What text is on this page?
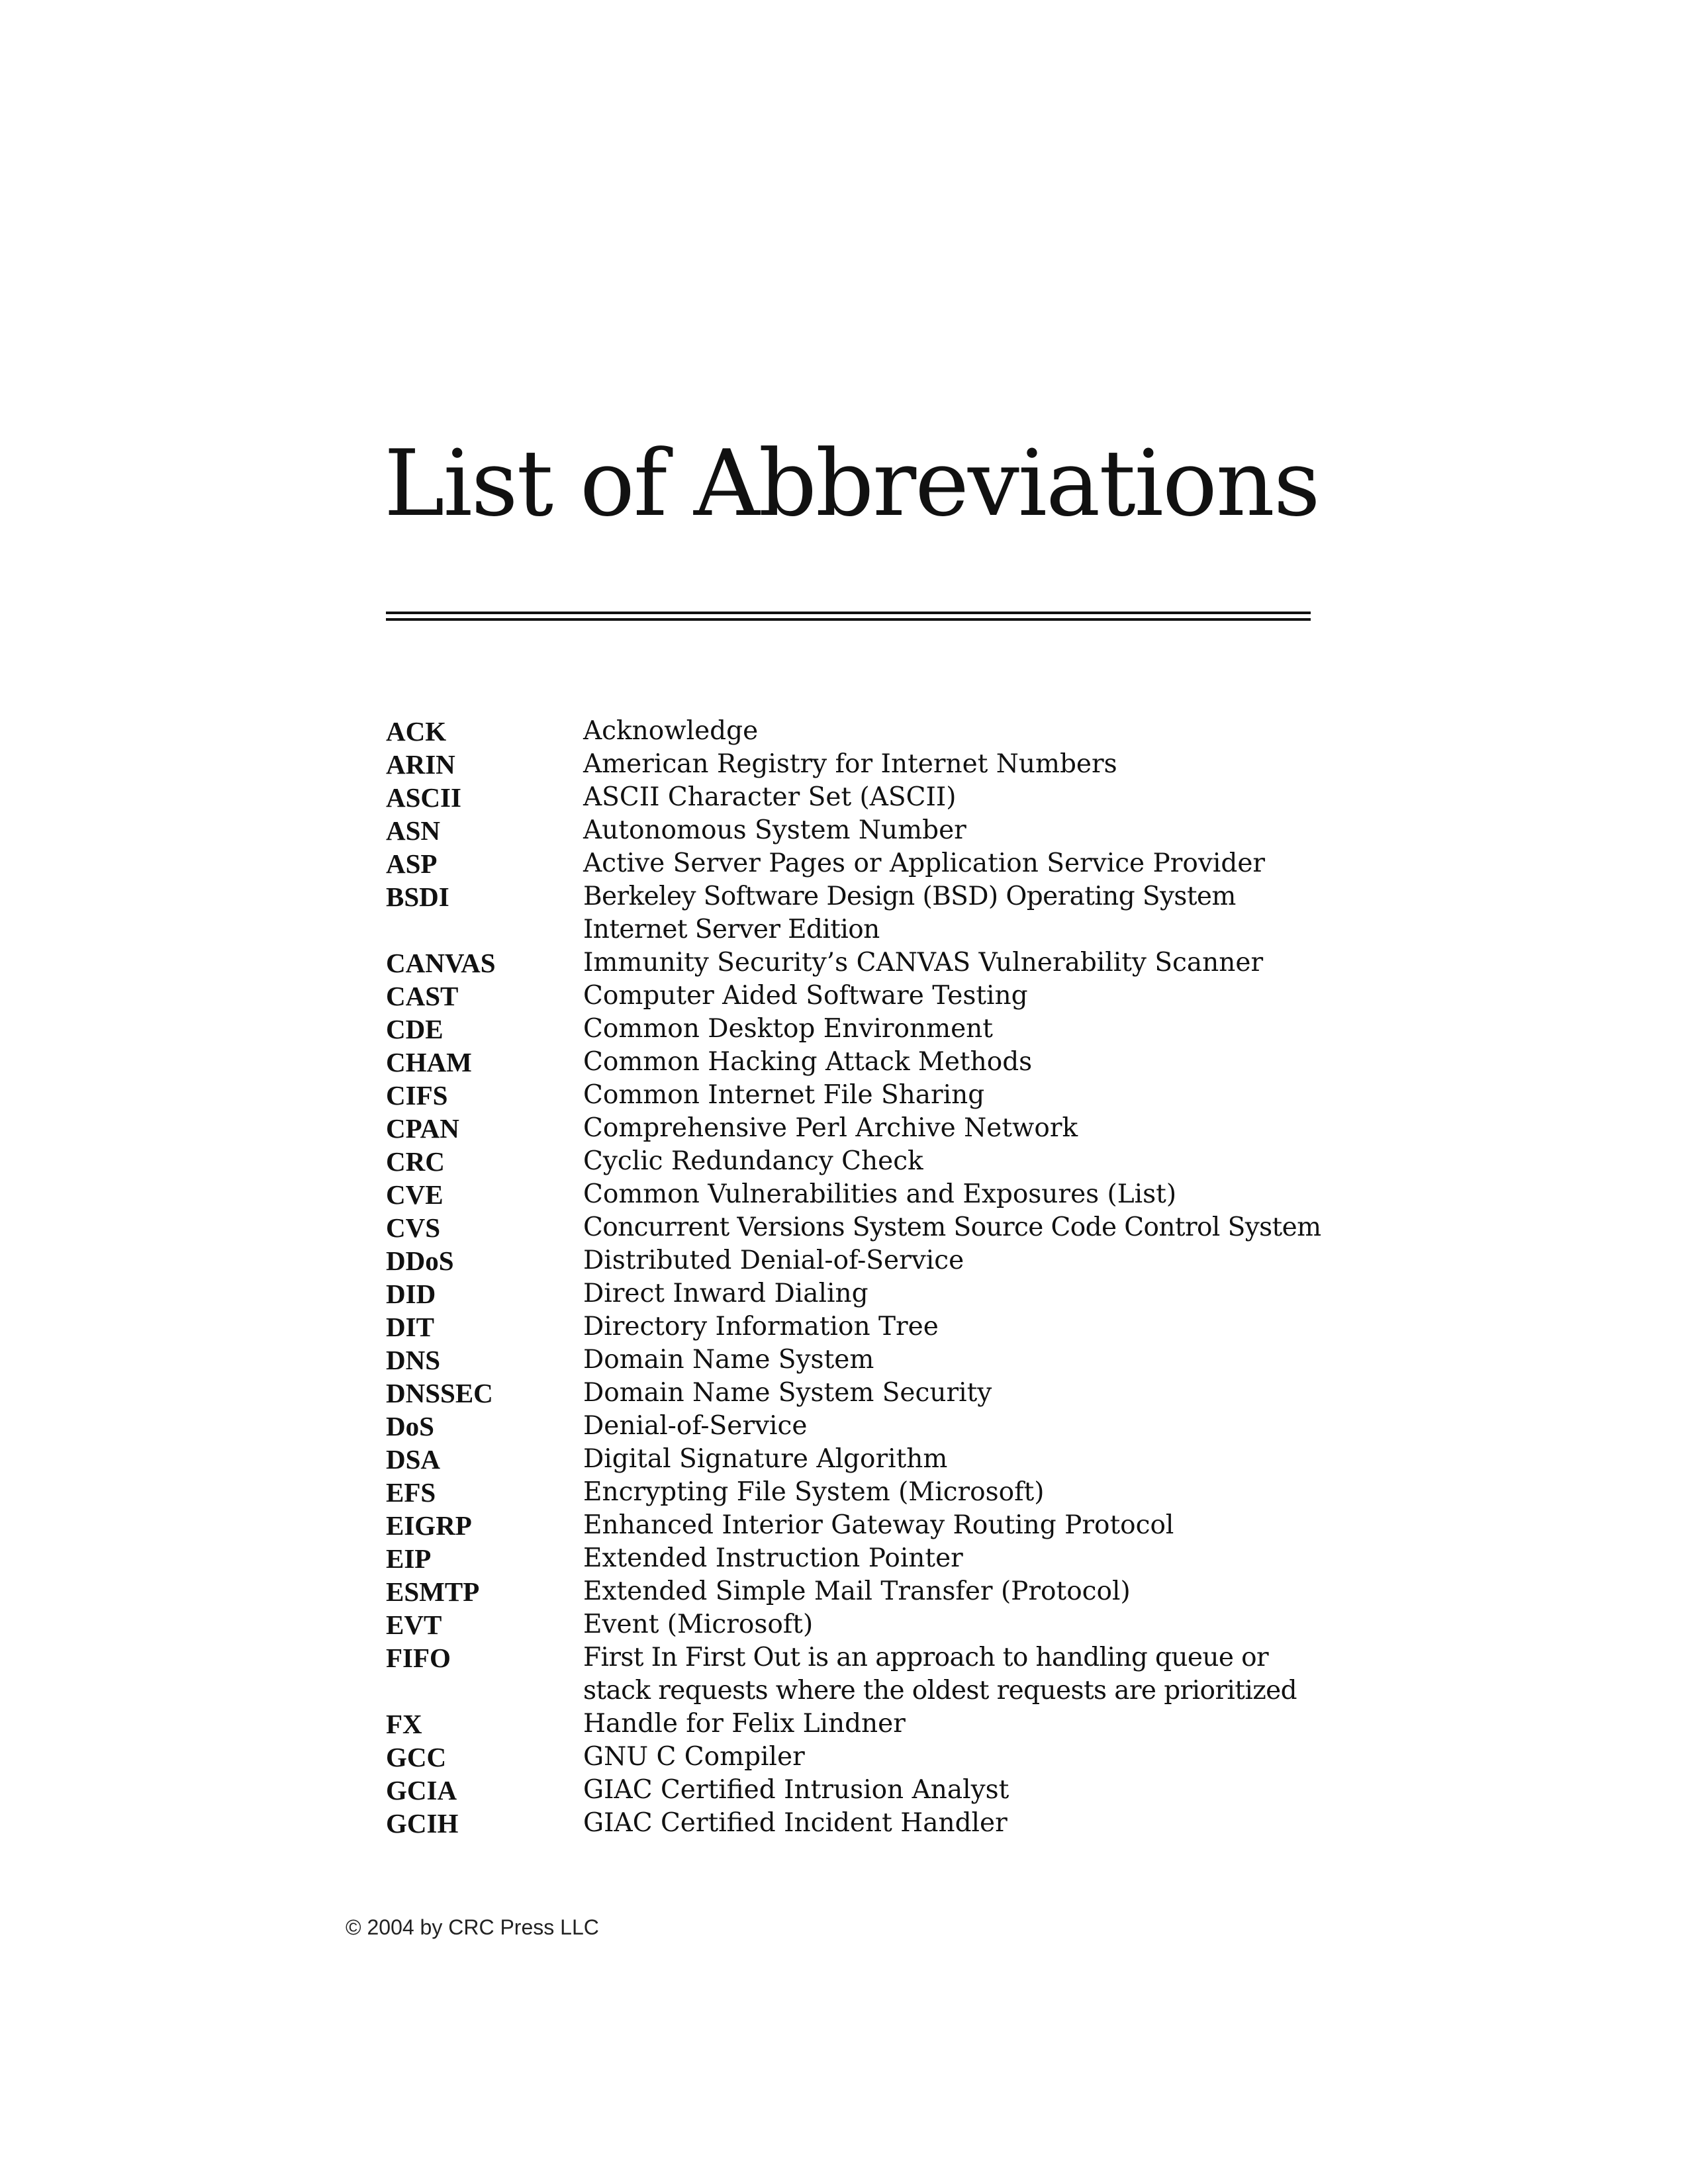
List of Abbreviations
ACK	Acknowledge
ARIN	American Registry for Internet Numbers
ASCII	ASCII Character Set (ASCII)
ASN	Autonomous System Number
ASP	Active Server Pages or Application Service Provider
BSDI	Berkeley Software Design (BSD) Operating System Internet Server Edition
CANVAS	Immunity Security’s CANVAS Vulnerability Scanner
CAST	Computer Aided Software Testing
CDE	Common Desktop Environment
CHAM	Common Hacking Attack Methods
CIFS	Common Internet File Sharing
CPAN	Comprehensive Perl Archive Network
CRC	Cyclic Redundancy Check
CVE	Common Vulnerabilities and Exposures (List)
CVS	Concurrent Versions System Source Code Control System
DDoS	Distributed Denial-of-Service
DID	Direct Inward Dialing
DIT	Directory Information Tree
DNS	Domain Name System
DNSSEC	Domain Name System Security
DoS	Denial-of-Service
DSA	Digital Signature Algorithm
EFS	Encrypting File System (Microsoft)
EIGRP	Enhanced Interior Gateway Routing Protocol
EIP	Extended Instruction Pointer
ESMTP	Extended Simple Mail Transfer (Protocol)
EVT	Event (Microsoft)
FIFO	First In First Out is an approach to handling queue or stack requests where the oldest requests are prioritized
FX	Handle for Felix Lindner
GCC	GNU C Compiler
GCIA	GIAC Certified Intrusion Analyst
GCIH	GIAC Certified Incident Handler
© 2004 by CRC Press LLC
